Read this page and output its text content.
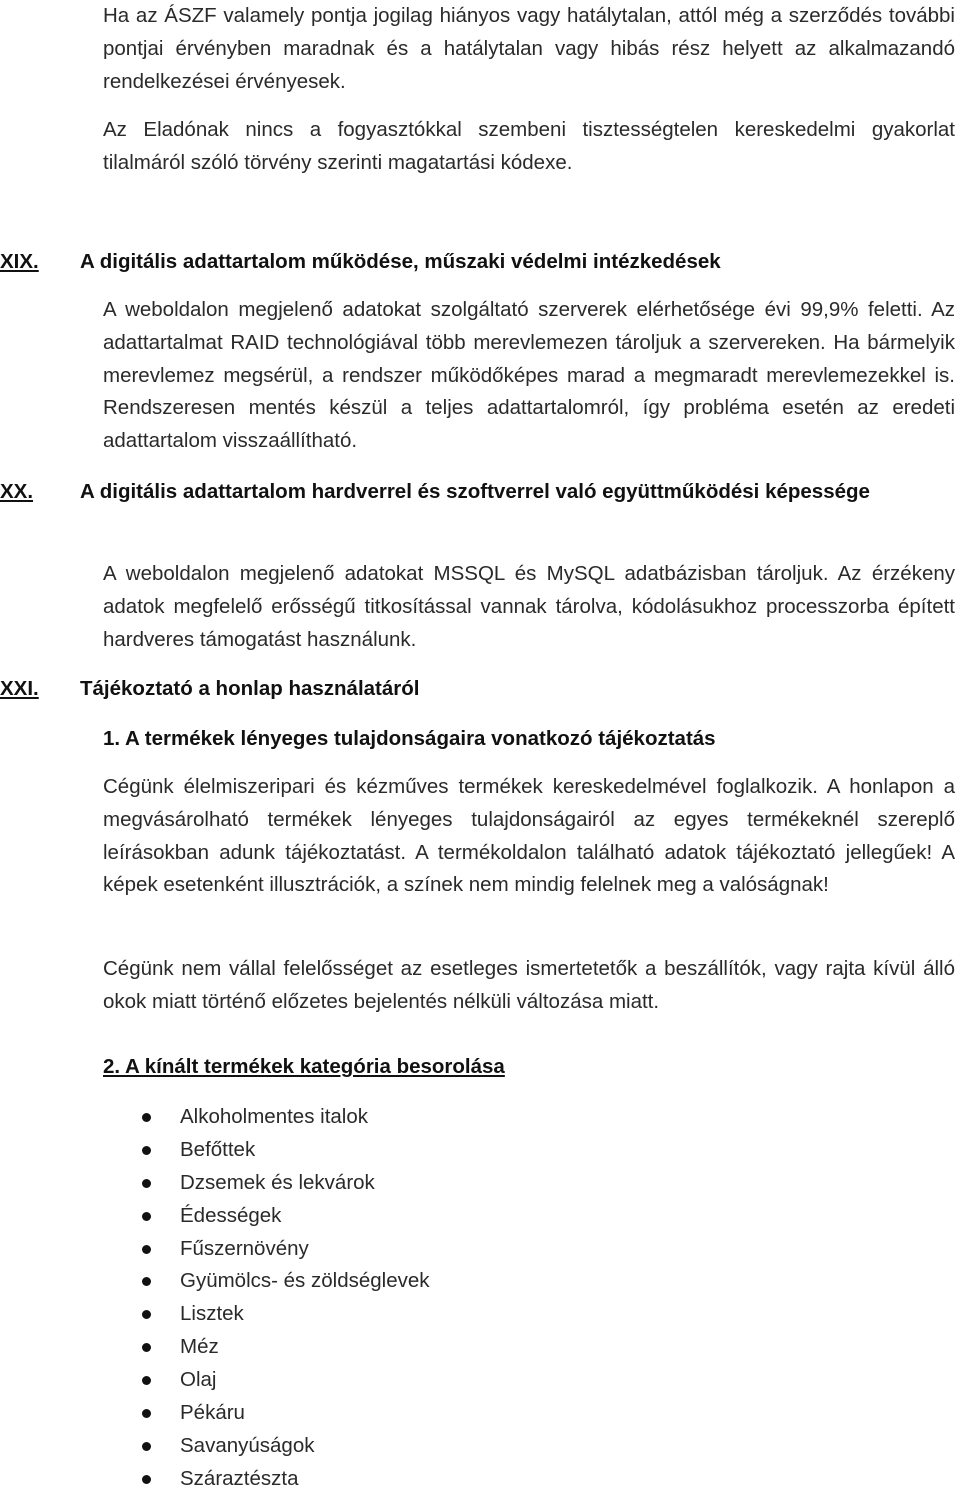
Ha az ÁSZF valamely pontja jogilag hiányos vagy hatálytalan, attól még a szerződés további pontjai érvényben maradnak és a hatálytalan vagy hibás rész helyett az alkalmazandó rendelkezései érvényesek.

Az Eladónak nincs a fogyasztókkal szembeni tisztességtelen kereskedelmi gyakorlat tilalmáról szóló törvény szerinti magatartási kódexe.

XIX. A digitális adattartalom működése, műszaki védelmi intézkedések

A weboldalon megjelenő adatokat szolgáltató szerverek elérhetősége évi 99,9% feletti. Az adattartalmat RAID technológiával több merevlemezen tároljuk a szervereken. Ha bármelyik merevlemez megsérül, a rendszer működőképes marad a megmaradt merevlemezekkel is. Rendszeresen mentés készül a teljes adattartalomról, így probléma esetén az eredeti adattartalom visszaállítható.

XX. A digitális adattartalom hardverrel és szoftverrel való együttműködési képessége

A weboldalon megjelenő adatokat MSSQL és MySQL adatbázisban tároljuk. Az érzékeny adatok megfelelő erősségű titkosítással vannak tárolva, kódolásukhoz processzorba épített hardveres támogatást használunk.

XXI. Tájékoztató a honlap használatáról

1. A termékek lényeges tulajdonságaira vonatkozó tájékoztatás

Cégünk élelmiszeripari és kézműves termékek kereskedelmével foglalkozik. A honlapon a megvásárolható termékek lényeges tulajdonságairól az egyes termékeknél szereplő leírásokban adunk tájékoztatást. A termékoldalon található adatok tájékoztató jellegűek! A képek esetenként illusztrációk, a színek nem mindig felelnek meg a valóságnak!

Cégünk nem vállal felelősséget az esetleges ismertetetők a beszállítók, vagy rajta kívül álló okok miatt történő előzetes bejelentés nélküli változása miatt.

2. A kínált termékek kategória besorolása

Alkoholmentes italok
Befőttek
Dzsemek és lekvárok
Édességek
Fűszernövény
Gyümölcs- és zöldséglevek
Lisztek
Méz
Olaj
Pékáru
Savanyúságok
Száraztészta
